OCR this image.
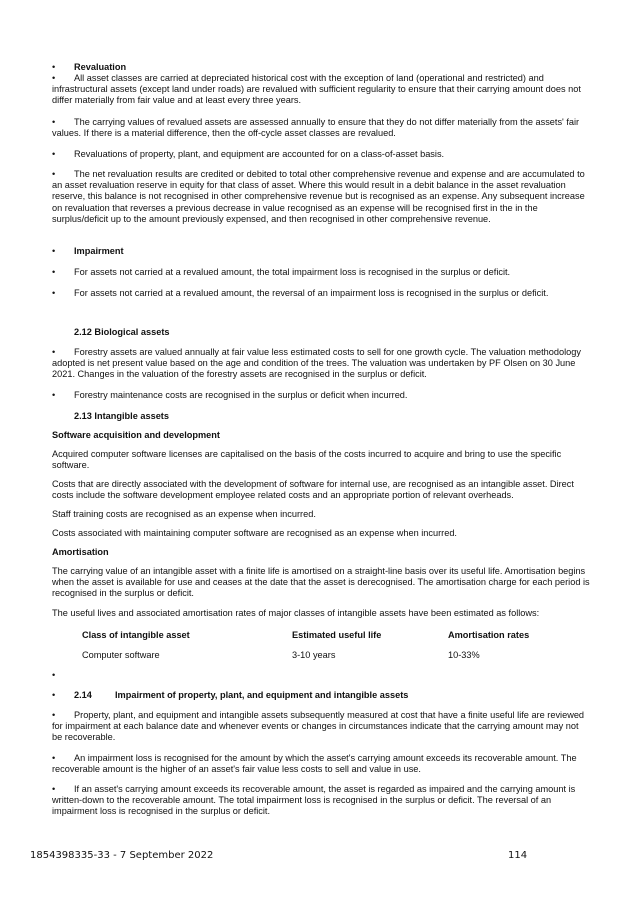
• Revaluation
• All asset classes are carried at depreciated historical cost with the exception of land (operational and restricted) and infrastructural assets (except land under roads) are revalued with sufficient regularity to ensure that their carrying amount does not differ materially from fair value and at least every three years.
• The carrying values of revalued assets are assessed annually to ensure that they do not differ materially from the assets' fair values. If there is a material difference, then the off-cycle asset classes are revalued.
• Revaluations of property, plant, and equipment are accounted for on a class-of-asset basis.
• The net revaluation results are credited or debited to total other comprehensive revenue and expense and are accumulated to an asset revaluation reserve in equity for that class of asset. Where this would result in a debit balance in the asset revaluation reserve, this balance is not recognised in other comprehensive revenue but is recognised as an expense. Any subsequent increase on revaluation that reverses a previous decrease in value recognised as an expense will be recognised first in the in the surplus/deficit up to the amount previously expensed, and then recognised in other comprehensive revenue.
• Impairment
• For assets not carried at a revalued amount, the total impairment loss is recognised in the surplus or deficit.
• For assets not carried at a revalued amount, the reversal of an impairment loss is recognised in the surplus or deficit.
2.12 Biological assets
• Forestry assets are valued annually at fair value less estimated costs to sell for one growth cycle. The valuation methodology adopted is net present value based on the age and condition of the trees. The valuation was undertaken by PF Olsen on 30 June 2021. Changes in the valuation of the forestry assets are recognised in the surplus or deficit.
• Forestry maintenance costs are recognised in the surplus or deficit when incurred.
2.13 Intangible assets
Software acquisition and development
Acquired computer software licenses are capitalised on the basis of the costs incurred to acquire and bring to use the specific software.
Costs that are directly associated with the development of software for internal use, are recognised as an intangible asset. Direct costs include the software development employee related costs and an appropriate portion of relevant overheads.
Staff training costs are recognised as an expense when incurred.
Costs associated with maintaining computer software are recognised as an expense when incurred.
Amortisation
The carrying value of an intangible asset with a finite life is amortised on a straight-line basis over its useful life. Amortisation begins when the asset is available for use and ceases at the date that the asset is derecognised. The amortisation charge for each period is recognised in the surplus or deficit.
The useful lives and associated amortisation rates of major classes of intangible assets have been estimated as follows:
Class of intangible asset	Estimated useful life	Amortisation rates
Computer software	3-10 years	10-33%
•
• 2.14	Impairment of property, plant, and equipment and intangible assets
• Property, plant, and equipment and intangible assets subsequently measured at cost that have a finite useful life are reviewed for impairment at each balance date and whenever events or changes in circumstances indicate that the carrying amount may not be recoverable.
• An impairment loss is recognised for the amount by which the asset's carrying amount exceeds its recoverable amount. The recoverable amount is the higher of an asset's fair value less costs to sell and value in use.
• If an asset's carrying amount exceeds its recoverable amount, the asset is regarded as impaired and the carrying amount is written-down to the recoverable amount. The total impairment loss is recognised in the surplus or deficit. The reversal of an impairment loss is recognised in the surplus or deficit.
1854398335-33 - 7 September 2022	114
